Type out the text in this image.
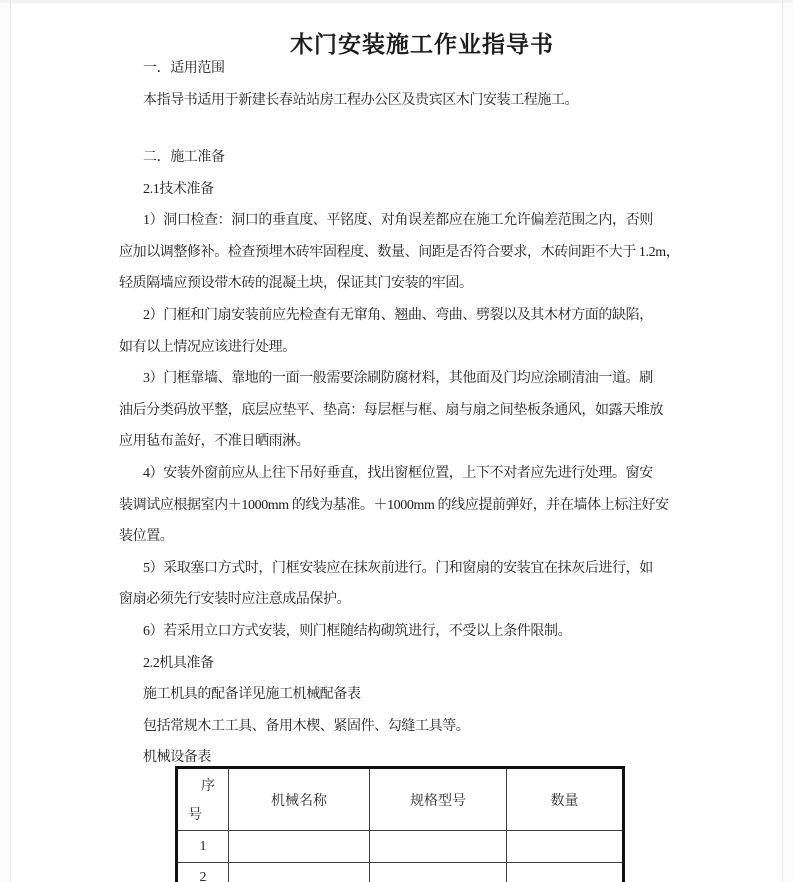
木门安装施工作业指导书
一．适用范围
本指导书适用于新建长春站站房工程办公区及贵宾区木门安装工程施工。
二．施工准备
2.1技术准备
1）洞口检查：洞口的垂直度、平铭度、对角误差都应在施工允许偏差范围之内，否则
应加以调整修补。检查预埋木砖牢固程度、数量、间距是否符合要求，木砖间距不大于 1.2m，
轻质隔墙应预设带木砖的混凝土块，保证其门安装的牢固。
2）门框和门扇安装前应先检查有无窜角、翘曲、弯曲、劈裂以及其木材方面的缺陷，
如有以上情况应该进行处理。
3）门框靠墙、靠地的一面一般需要涂刷防腐材料，其他面及门均应涂刷清油一道。刷
油后分类码放平整，底层应垫平、垫高：每层框与框、扇与扇之间垫板条通风，如露天堆放
应用毡布盖好，不准日晒雨淋。
4）安装外窗前应从上往下吊好垂直，找出窗框位置，上下不对者应先进行处理。窗安
装调试应根据室内＋1000mm 的线为基准。＋1000mm 的线应提前弹好，并在墙体上标注好安
装位置。
5）采取塞口方式时，门框安装应在抹灰前进行。门和窗扇的安装宜在抹灰后进行，如
窗扇必须先行安装时应注意成品保护。
6）若采用立口方式安装，则门框随结构砌筑进行，不受以上条件限制。
2.2机具准备
施工机具的配备详见施工机械配备表
包括常规木工工具、备用木楔、紧固件、勾缝工具等。
机械设备表
序号	机械名称	规格型号	数量
1			
2			
